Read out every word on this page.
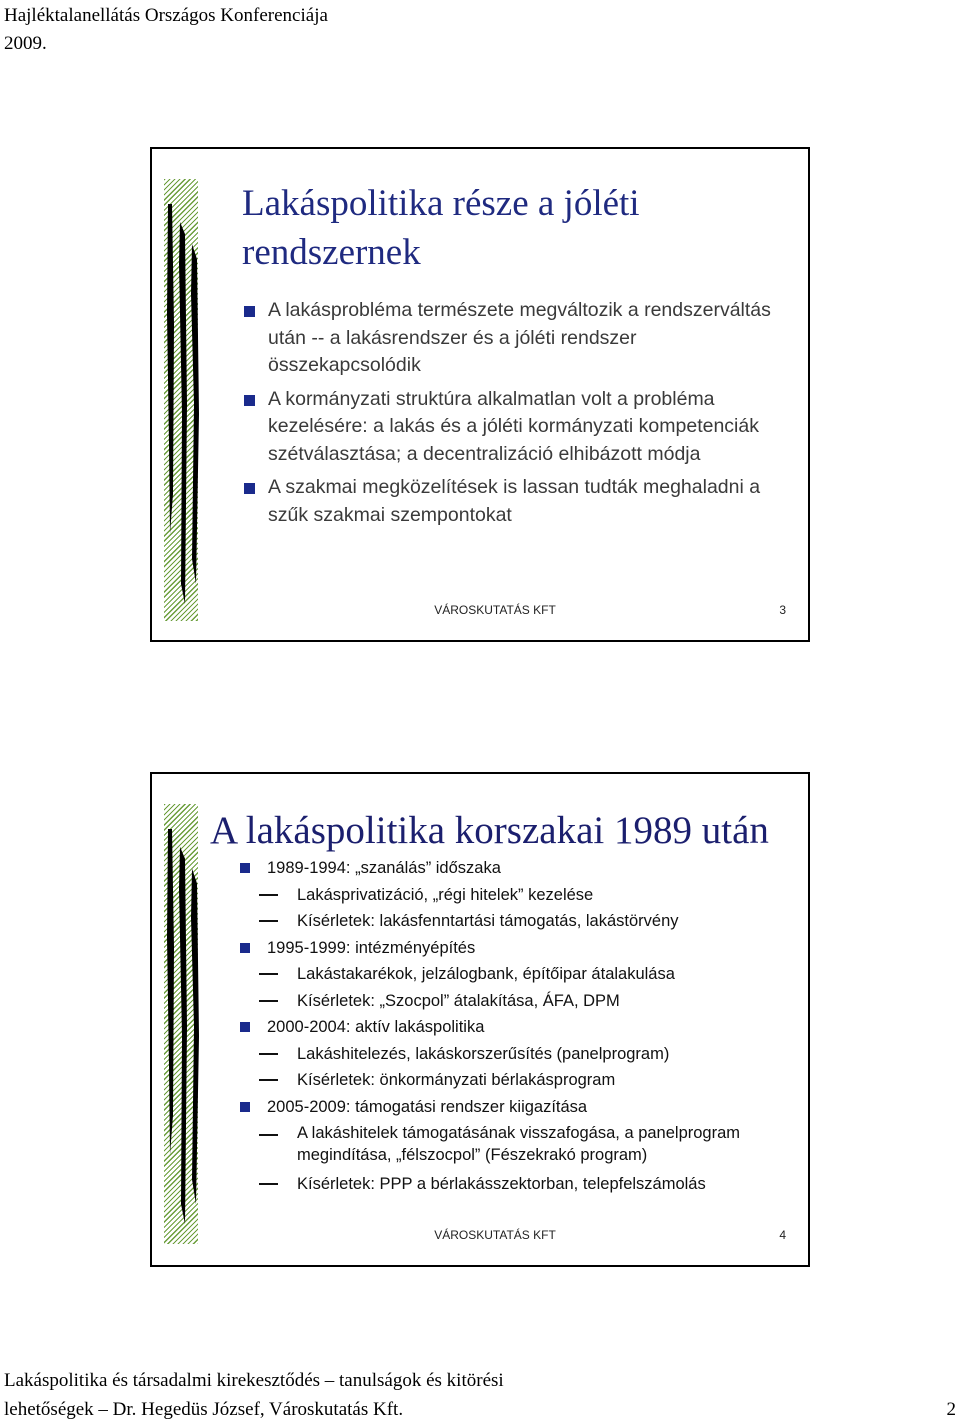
Hajléktalanellátás Országos Konferenciája
2009.
Lakáspolitika része a jóléti rendszernek
A lakásprobléma természete megváltozik a rendszerváltás után -- a lakásrendszer és a jóléti rendszer összekapcsolódik
A kormányzati struktúra alkalmatlan volt a probléma kezelésére: a lakás és a jóléti kormányzati kompetenciák szétválasztása; a decentralizáció elhibázott módja
A szakmai megközelítések is lassan tudták meghaladni a szűk szakmai szempontokat
VÁROSKUTATÁS KFT	3
A lakáspolitika korszakai 1989 után
1989-1994: „szanálás” időszaka
Lakásprivatizáció, „régi hitelek” kezelése
Kísérletek: lakásfenntartási támogatás, lakástörvény
1995-1999: intézményépítés
Lakástakarékok, jelzálogbank, építőipar átalakulása
Kísérletek: „Szocpol” átalakítása, ÁFA, DPM
2000-2004: aktív lakáspolitika
Lakáshitelezés, lakáskorszerűsítés (panelprogram)
Kísérletek: önkormányzati bérlakásprogram
2005-2009: támogatási rendszer kiigazítása
A lakáshitelek támogatásának visszafogása, a panelprogram megindítása, „félszocpol” (Fészekrakó program)
Kísérletek: PPP a bérlakásszektorban, telepfelszámolás
VÁROSKUTATÁS KFT	4
Lakáspolitika és társadalmi kirekesztődés – tanulságok és kitörési
lehetőségek – Dr. Hegedüs József, Városkutatás Kft.	2
